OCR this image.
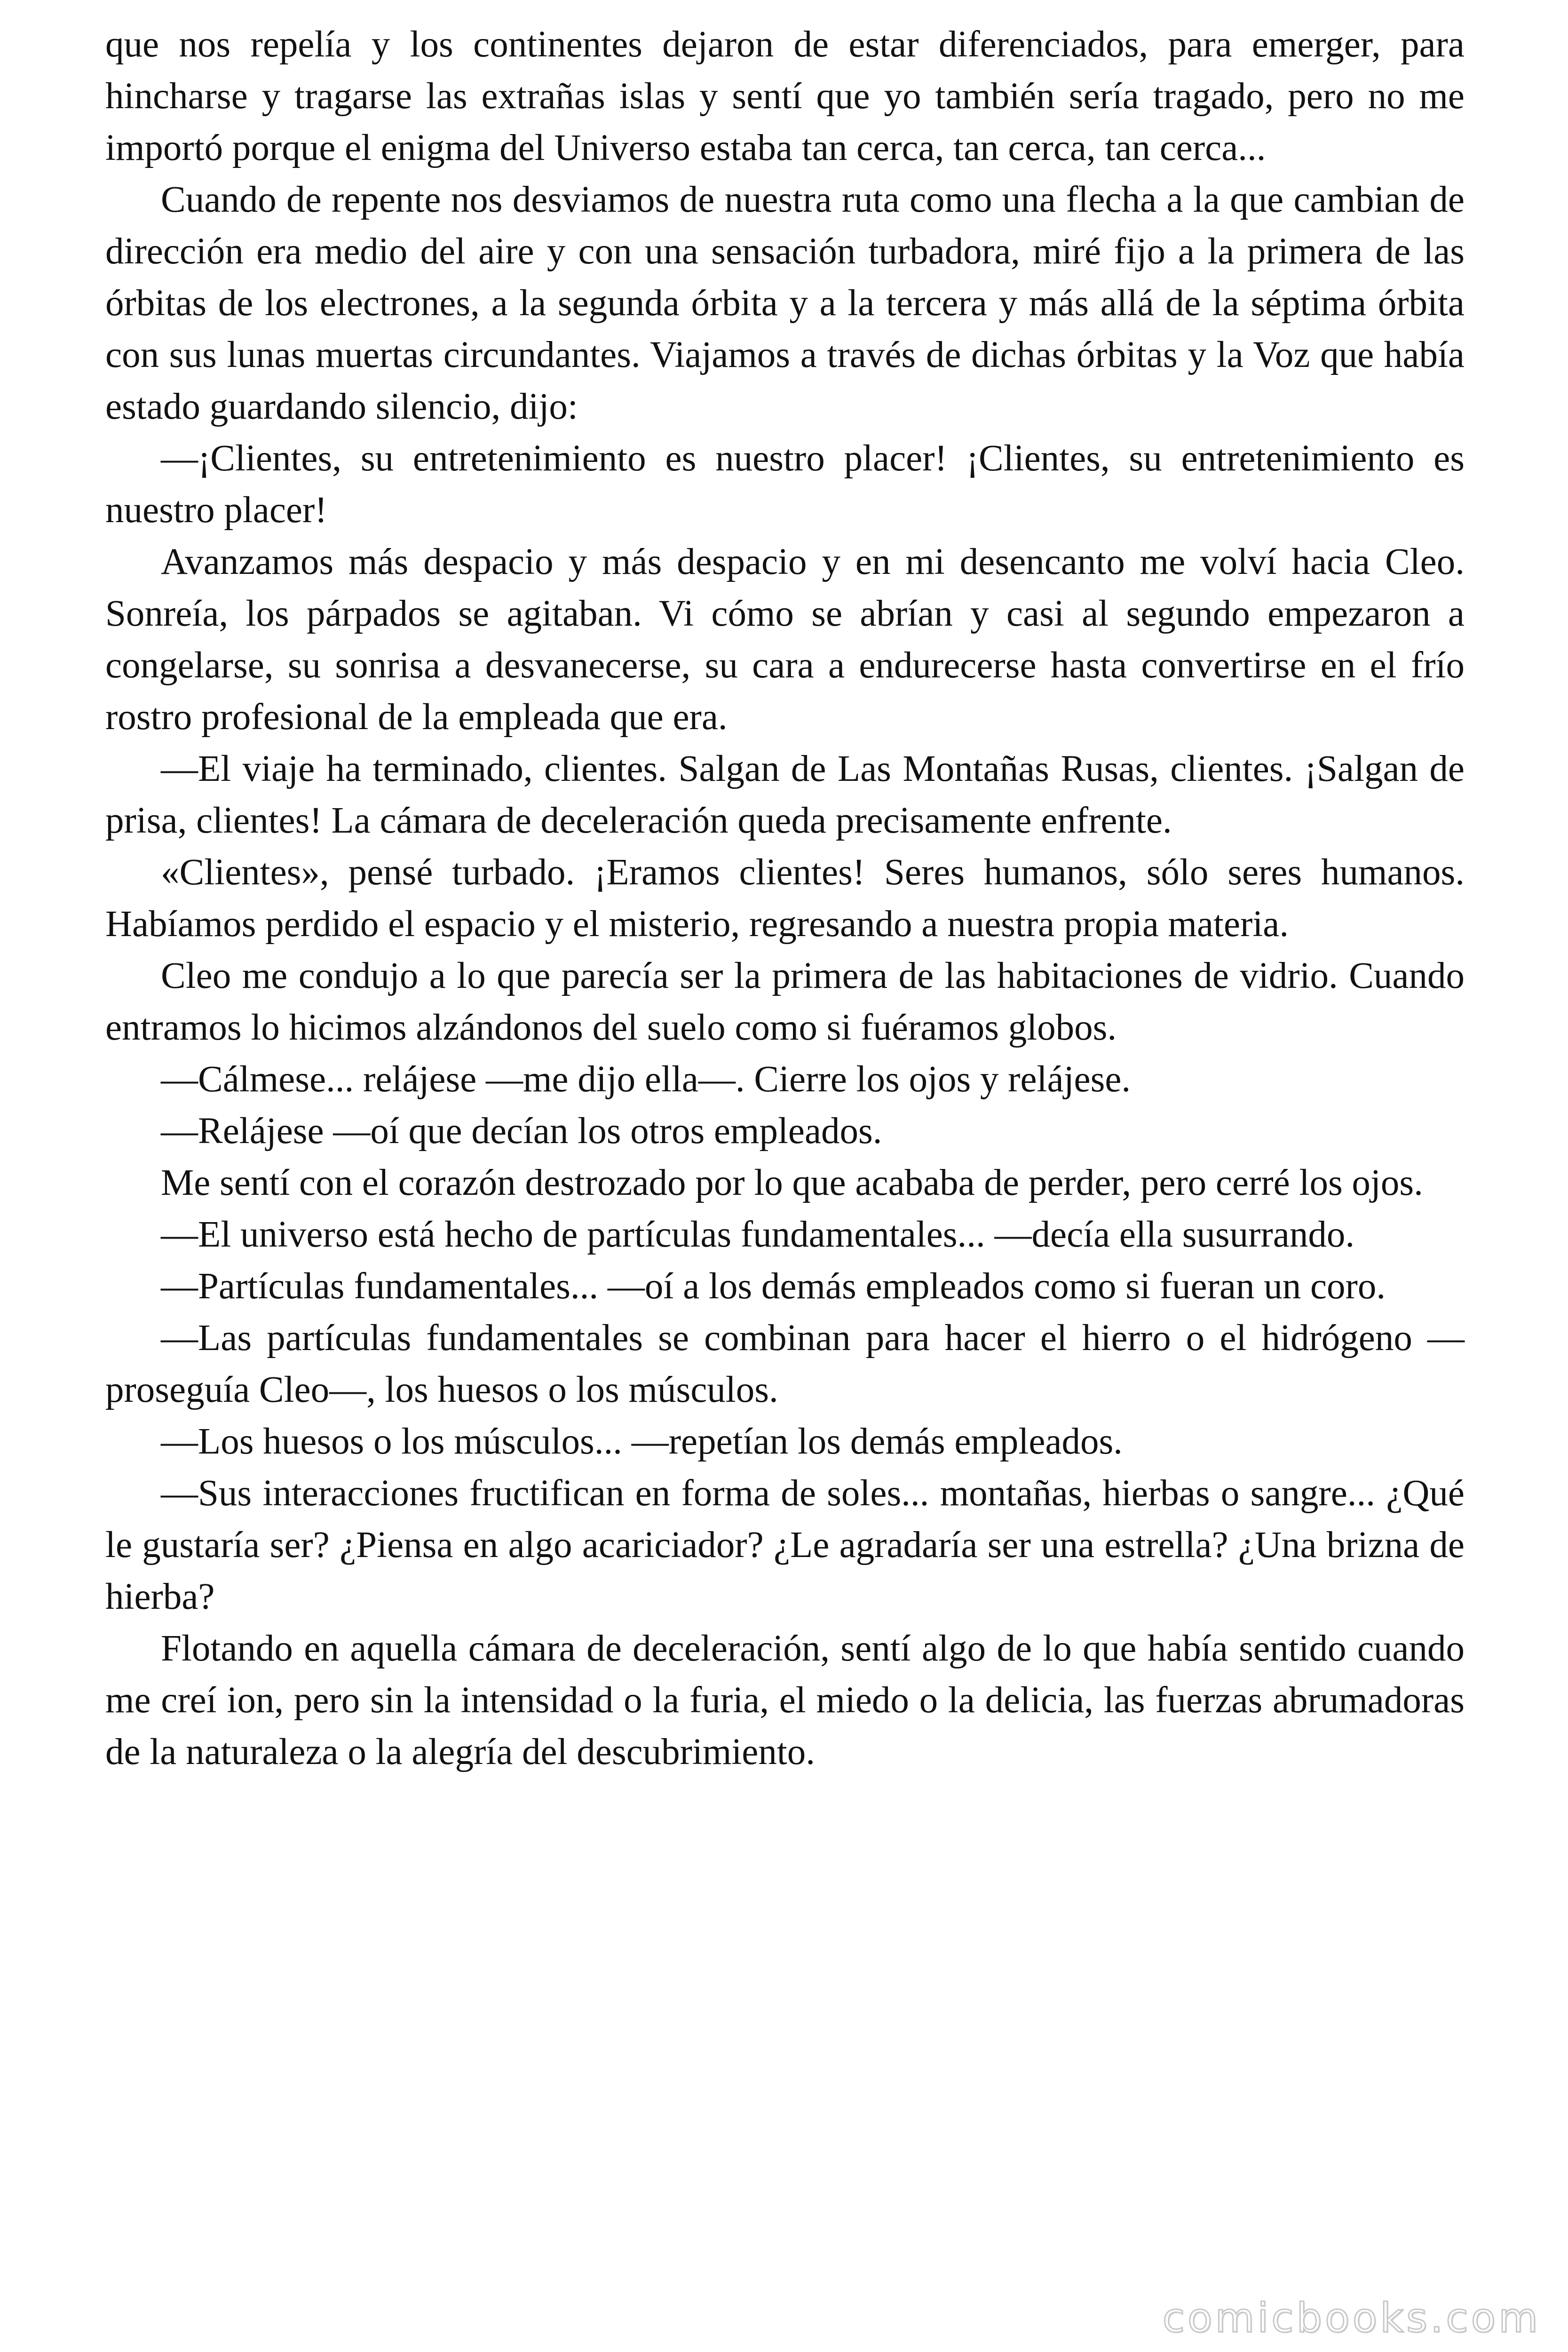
que nos repelía y los continentes dejaron de estar diferenciados, para emerger, para hincharse y tragarse las extrañas islas y sentí que yo también sería tragado, pero no me importó porque el enigma del Universo estaba tan cerca, tan cerca, tan cerca...

Cuando de repente nos desviamos de nuestra ruta como una flecha a la que cambian de dirección era medio del aire y con una sensación turbadora, miré fijo a la primera de las órbitas de los electrones, a la segunda órbita y a la tercera y más allá de la séptima órbita con sus lunas muertas circundantes. Viajamos a través de dichas órbitas y la Voz que había estado guardando silencio, dijo:

—¡Clientes, su entretenimiento es nuestro placer! ¡Clientes, su entretenimiento es nuestro placer!

Avanzamos más despacio y más despacio y en mi desencanto me volví hacia Cleo. Sonreía, los párpados se agitaban. Vi cómo se abrían y casi al segundo empezaron a congelarse, su sonrisa a desvanecerse, su cara a endurecerse hasta convertirse en el frío rostro profesional de la empleada que era.

—El viaje ha terminado, clientes. Salgan de Las Montañas Rusas, clientes. ¡Salgan de prisa, clientes! La cámara de deceleración queda precisamente enfrente.

«Clientes», pensé turbado. ¡Eramos clientes! Seres humanos, sólo seres humanos. Habíamos perdido el espacio y el misterio, regresando a nuestra propia materia.

Cleo me condujo a lo que parecía ser la primera de las habitaciones de vidrio. Cuando entramos lo hicimos alzándonos del suelo como si fuéramos globos.

—Cálmese... relájese —me dijo ella—. Cierre los ojos y relájese.

—Relájese —oí que decían los otros empleados.

Me sentí con el corazón destrozado por lo que acababa de perder, pero cerré los ojos.

—El universo está hecho de partículas fundamentales... —decía ella susurrando.

—Partículas fundamentales... —oí a los demás empleados como si fueran un coro.

—Las partículas fundamentales se combinan para hacer el hierro o el hidrógeno —proseguía Cleo—, los huesos o los músculos.

—Los huesos o los músculos... —repetían los demás empleados.

—Sus interacciones fructifican en forma de soles... montañas, hierbas o sangre... ¿Qué le gustaría ser? ¿Piensa en algo acariciador? ¿Le agradaría ser una estrella? ¿Una brizna de hierba?

Flotando en aquella cámara de deceleración, sentí algo de lo que había sentido cuando me creí ion, pero sin la intensidad o la furia, el miedo o la delicia, las fuerzas abrumadoras de la naturaleza o la alegría del descubrimiento.

comicbooks.com
